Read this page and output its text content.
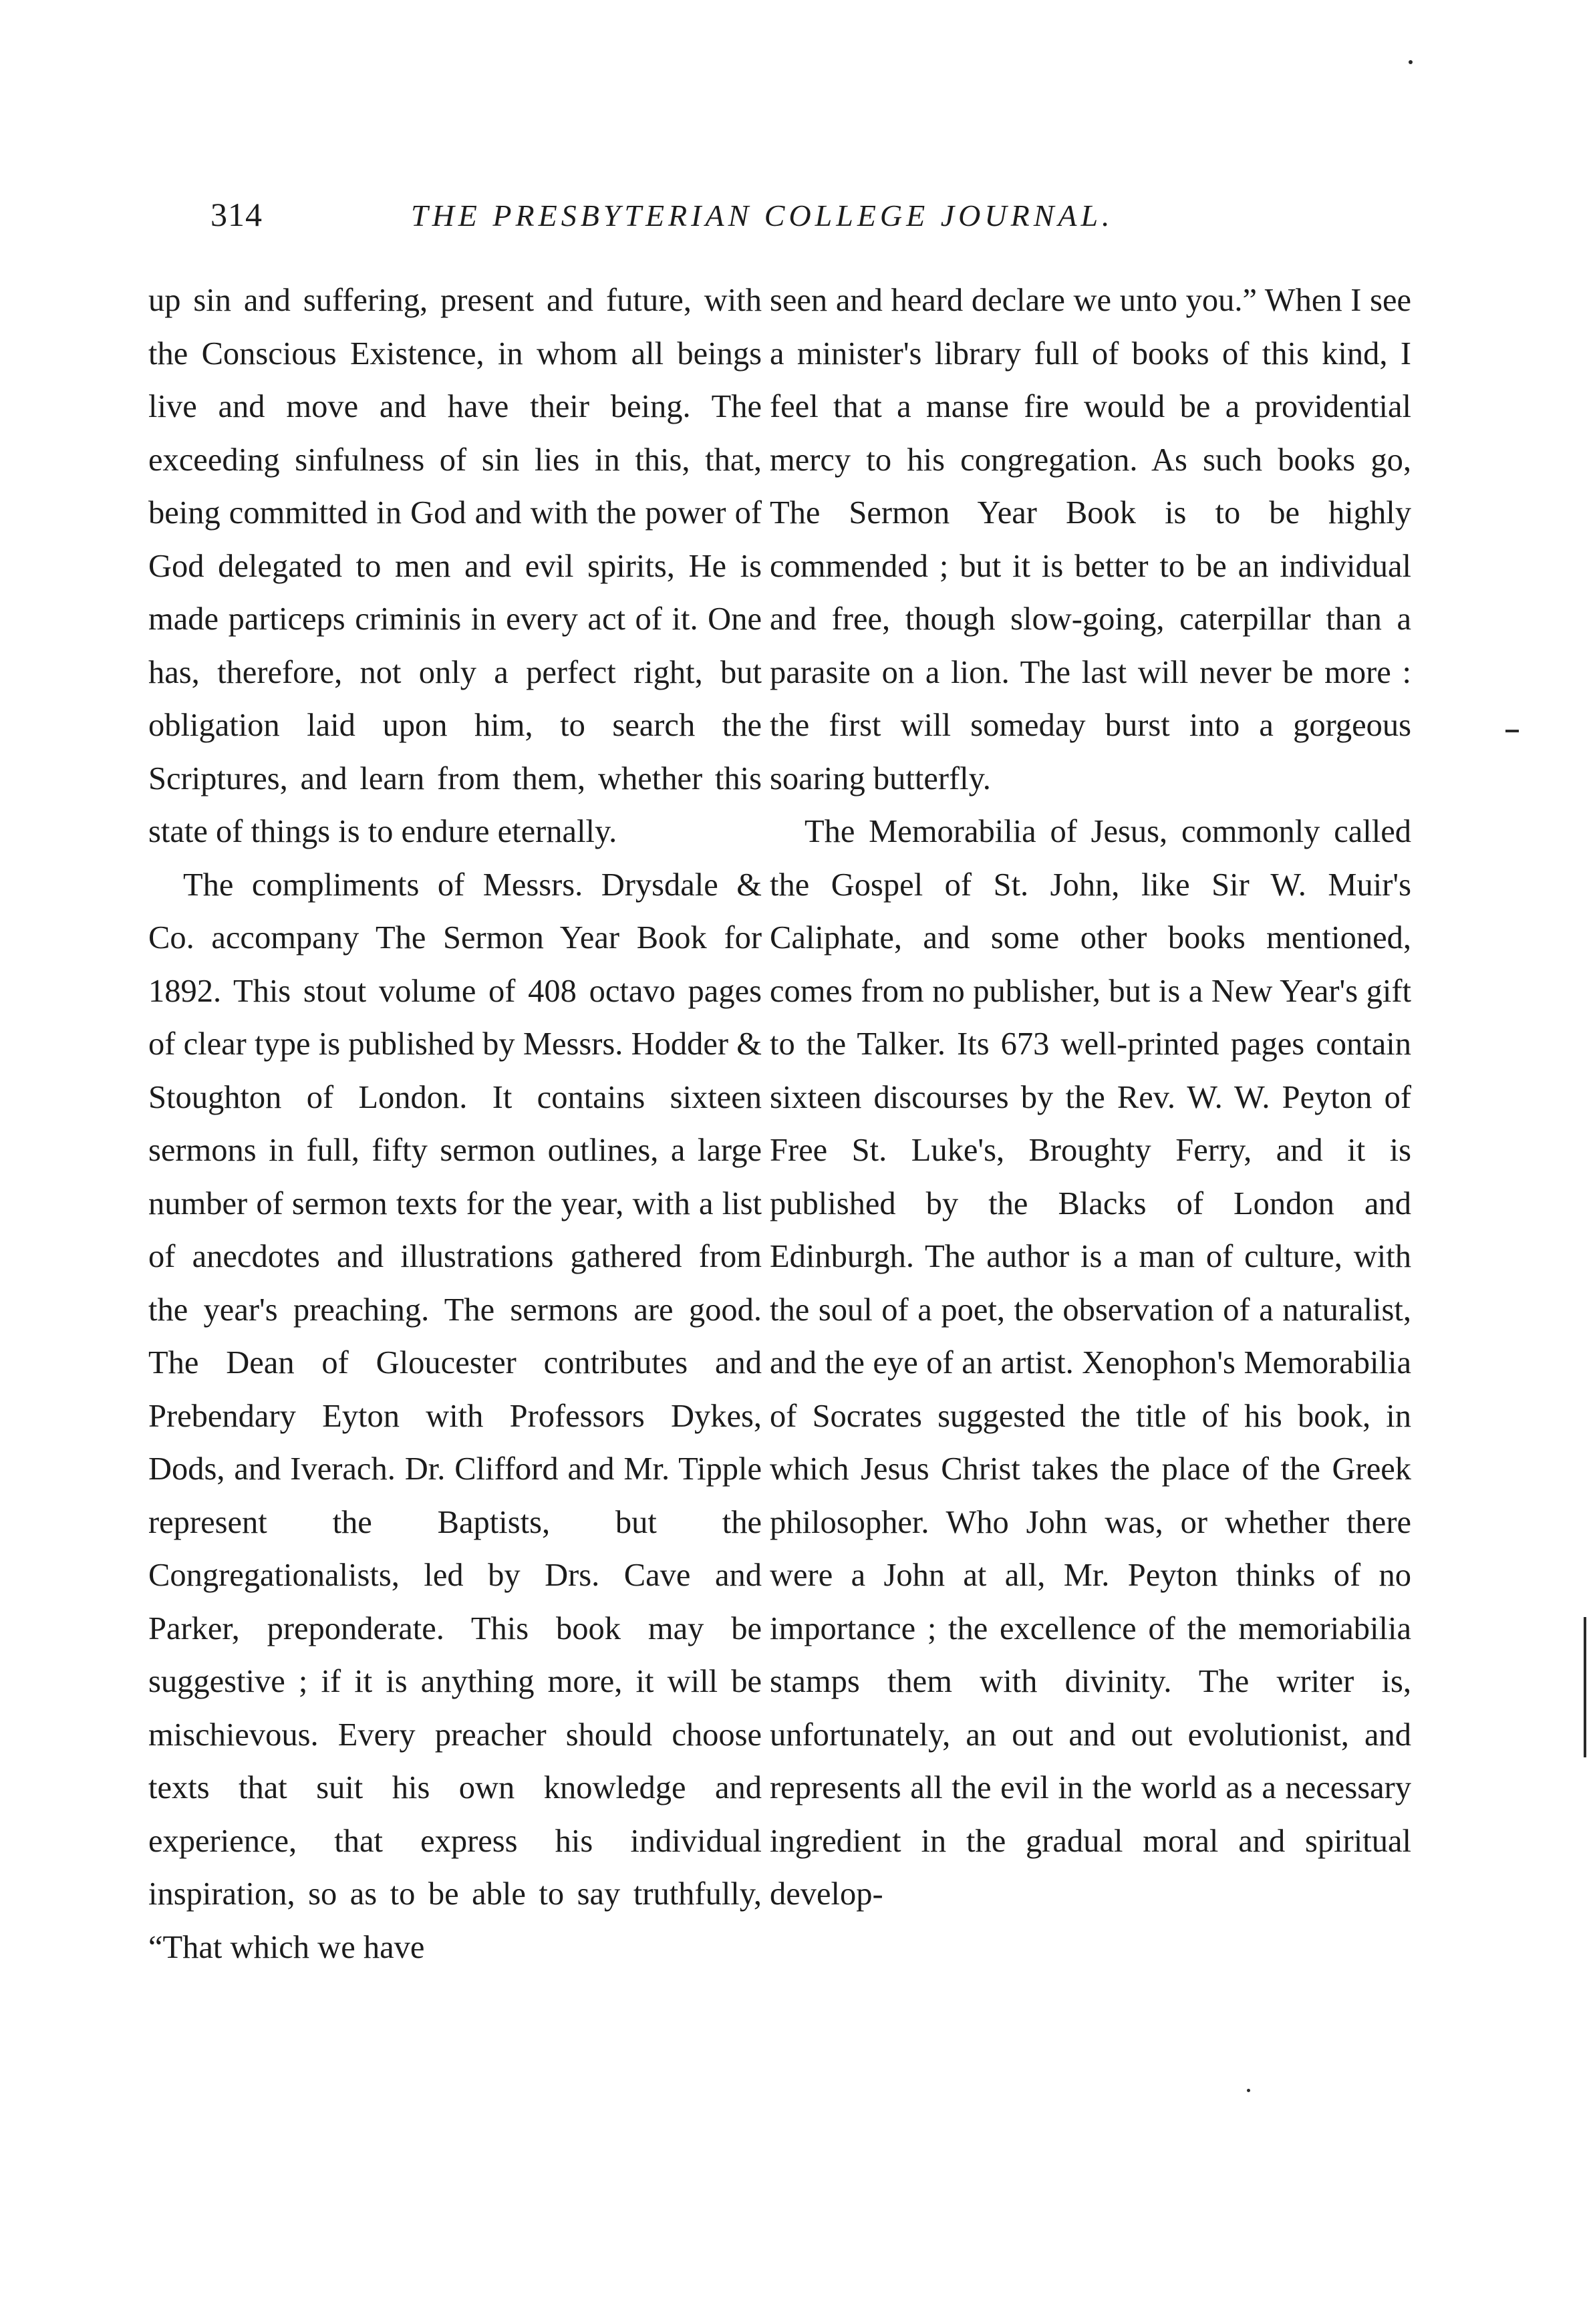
314	THE PRESBYTERIAN COLLEGE JOURNAL.

up sin and suffering, present and future, with the Conscious Existence, in whom all beings live and move and have their being. The exceeding sinfulness of sin lies in this, that, being committed in God and with the power of God delegated to men and evil spirits, He is made particeps criminis in every act of it. One has, therefore, not only a perfect right, but obligation laid upon him, to search the Scriptures, and learn from them, whether this state of things is to endure eternally.

The compliments of Messrs. Drysdale & Co. accompany The Sermon Year Book for 1892. This stout volume of 408 octavo pages of clear type is published by Messrs. Hodder & Stoughton of London. It contains sixteen sermons in full, fifty sermon outlines, a large number of sermon texts for the year, with a list of anecdotes and illustrations gathered from the year's preaching. The sermons are good. The Dean of Gloucester contributes and Prebendary Eyton with Professors Dykes, Dods, and Iverach. Dr. Clifford and Mr. Tipple represent the Baptists, but the Congregationalists, led by Drs. Cave and Parker, preponderate. This book may be suggestive ; if it is anything more, it will be mischievous. Every preacher should choose texts that suit his own knowledge and experience, that express his individual inspiration, so as to be able to say truthfully, “That which we have

seen and heard declare we unto you.” When I see a minister's library full of books of this kind, I feel that a manse fire would be a providential mercy to his congregation. As such books go, The Sermon Year Book is to be highly commended ; but it is better to be an individual and free, though slow-going, caterpillar than a parasite on a lion. The last will never be more : the first will someday burst into a gorgeous soaring butterfly.

The Memorabilia of Jesus, commonly called the Gospel of St. John, like Sir W. Muir's Caliphate, and some other books mentioned, comes from no publisher, but is a New Year's gift to the Talker. Its 673 well-printed pages contain sixteen discourses by the Rev. W. W. Peyton of Free St. Luke's, Broughty Ferry, and it is published by the Blacks of London and Edinburgh. The author is a man of culture, with the soul of a poet, the observation of a naturalist, and the eye of an artist. Xenophon's Memorabilia of Socrates suggested the title of his book, in which Jesus Christ takes the place of the Greek philosopher. Who John was, or whether there were a John at all, Mr. Peyton thinks of no importance ; the excellence of the memoriabilia stamps them with divinity. The writer is, unfortunately, an out and out evolutionist, and represents all the evil in the world as a necessary ingredient in the gradual moral and spiritual develop-
